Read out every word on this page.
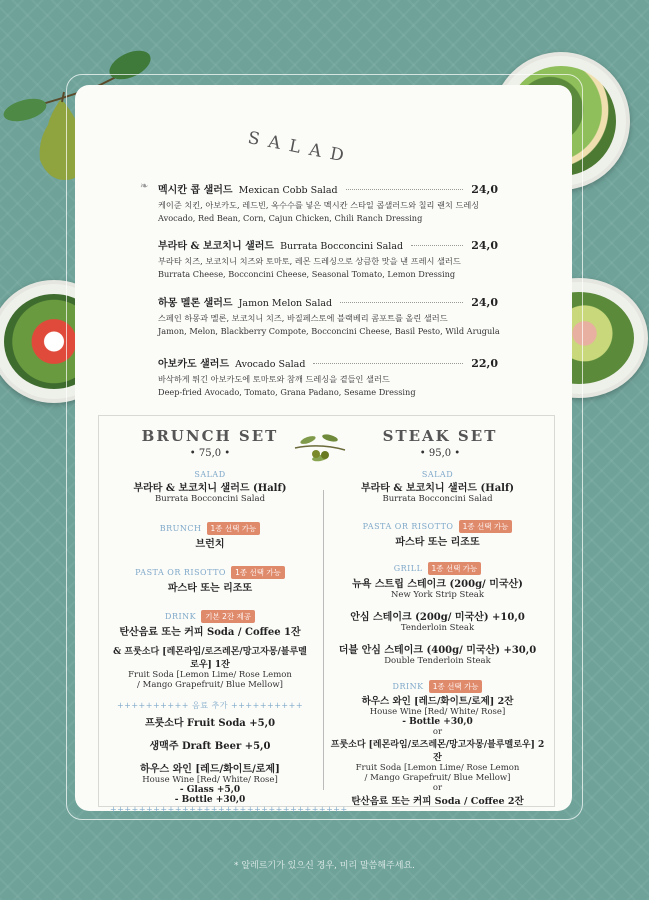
SALAD
❧ 멕시칸 콥 샐러드 Mexican Cobb Salad	24,0
케이준 치킨, 아보카도, 레드빈, 옥수수를 넣은 멕시칸 스타일 콥샐러드와 칠리 랜치 드레싱
Avocado, Red Bean, Corn, Cajun Chicken, Chili Ranch Dressing
부라타 & 보코치니 샐러드 Burrata Bocconcini Salad	24,0
부라타 치즈, 보코치니 치즈와 토마토, 레몬 드레싱으로 상큼한 맛을 낸 프레시 샐러드
Burrata Cheese, Bocconcini Cheese, Seasonal Tomato, Lemon Dressing
하몽 멜론 샐러드 Jamon Melon Salad	24,0
스페인 하몽과 멜론, 보코치니 치즈, 바질페스토에 블랙베리 콤포트를 올린 샐러드
Jamon, Melon, Blackberry Compote, Bocconcini Cheese, Basil Pesto, Wild Arugula
아보카도 샐러드 Avocado Salad	22,0
바삭하게 튀긴 아보카도에 토마토와 참깨 드레싱을 곁들인 샐러드
Deep-fried Avocado, Tomato, Grana Padano, Sesame Dressing
BRUNCH SET
• 75,0 •
SALAD
부라타 & 보코치니 샐러드 (Half)
Burrata Bocconcini Salad
BRUNCH 1종 선택 가능
브런치
PASTA OR RISOTTO 1종 선택 가능
파스타 또는 리조또
DRINK 기본 2잔 제공
탄산음료 또는 커피 Soda / Coffee 1잔
& 프룻소다 [레몬라임/로즈레몬/망고자몽/블루멜로우] 1잔
Fruit Soda [Lemon Lime/ Rose Lemon
/ Mango Grapefruit/ Blue Mellow]
++++++++++ 음료 추가 ++++++++++
프룻소다 Fruit Soda +5,0
생맥주 Draft Beer +5,0
하우스 와인 [레드/화이트/로제]
House Wine [Red/ White/ Rose]
- Glass +5,0
- Bottle +30,0
+++++++++++++++++++++++++++++++++
STEAK SET
• 95,0 •
SALAD
부라타 & 보코치니 샐러드 (Half)
Burrata Bocconcini Salad
PASTA OR RISOTTO 1종 선택 가능
파스타 또는 리조또
GRILL 1종 선택 가능
뉴욕 스트립 스테이크 (200g/ 미국산)
New York Strip Steak
안심 스테이크 (200g/ 미국산) +10,0
Tenderloin Steak
더블 안심 스테이크 (400g/ 미국산) +30,0
Double Tenderloin Steak
DRINK 1종 선택 가능
하우스 와인 [레드/화이트/로제] 2잔
House Wine [Red/ White/ Rose]
- Bottle +30,0
or
프룻소다 [레몬라임/로즈레몬/망고자몽/블루멜로우] 2잔
Fruit Soda [Lemon Lime/ Rose Lemon
/ Mango Grapefruit/ Blue Mellow]
or
탄산음료 또는 커피 Soda / Coffee 2잔
* 알레르기가 있으신 경우, 미리 말씀해주세요.
